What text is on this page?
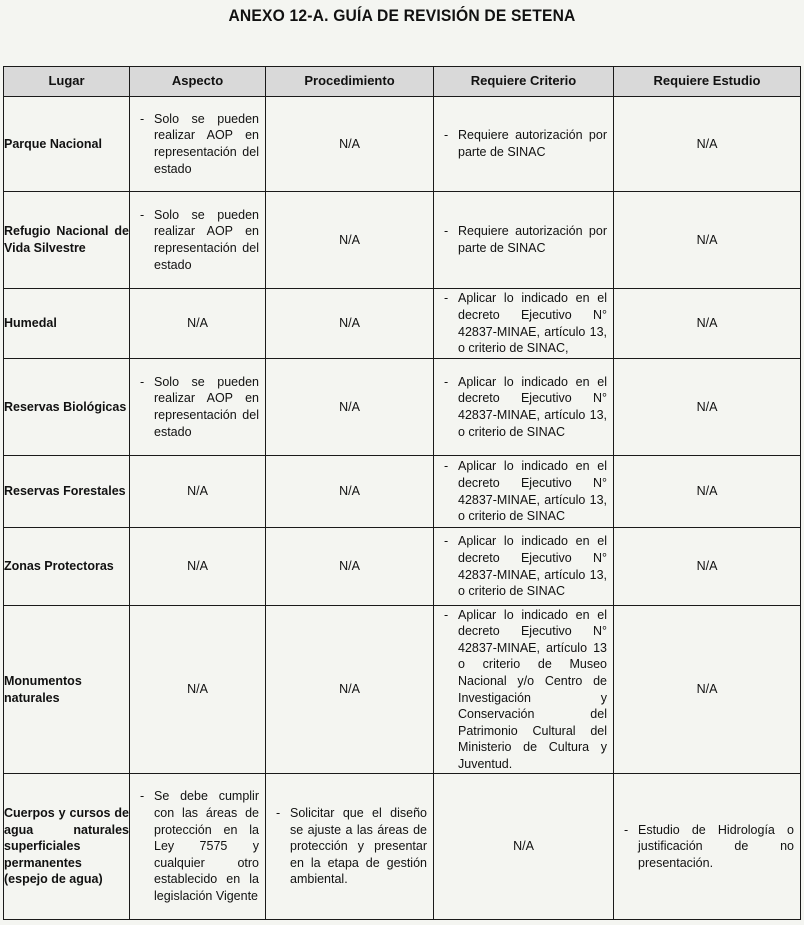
ANEXO 12-A. GUÍA DE REVISIÓN DE SETENA
Lugar	Aspecto	Procedimiento	Requiere Criterio	Requiere Estudio
Parque Nacional	- Solo se pueden realizar AOP en representación del estado	N/A	- Requiere autorización por parte de SINAC	N/A
Refugio Nacional de Vida Silvestre	- Solo se pueden realizar AOP en representación del estado	N/A	- Requiere autorización por parte de SINAC	N/A
Humedal	N/A	N/A	- Aplicar lo indicado en el decreto Ejecutivo N° 42837-MINAE, artículo 13, o criterio de SINAC,	N/A
Reservas Biológicas	- Solo se pueden realizar AOP en representación del estado	N/A	- Aplicar lo indicado en el decreto Ejecutivo N° 42837-MINAE, artículo 13, o criterio de SINAC	N/A
Reservas Forestales	N/A	N/A	- Aplicar lo indicado en el decreto Ejecutivo N° 42837-MINAE, artículo 13, o criterio de SINAC	N/A
Zonas Protectoras	N/A	N/A	- Aplicar lo indicado en el decreto Ejecutivo N° 42837-MINAE, artículo 13, o criterio de SINAC	N/A
Monumentos naturales	N/A	N/A	- Aplicar lo indicado en el decreto Ejecutivo N° 42837-MINAE, artículo 13 o criterio de Museo Nacional y/o Centro de Investigación y Conservación del Patrimonio Cultural del Ministerio de Cultura y Juventud.	N/A
Cuerpos y cursos de agua naturales superficiales permanentes (espejo de agua)	- Se debe cumplir con las áreas de protección en la Ley 7575 y cualquier otro establecido en la legislación Vigente	- Solicitar que el diseño se ajuste a las áreas de protección y presentar en la etapa de gestión ambiental.	N/A	- Estudio de Hidrología o justificación de no presentación.
